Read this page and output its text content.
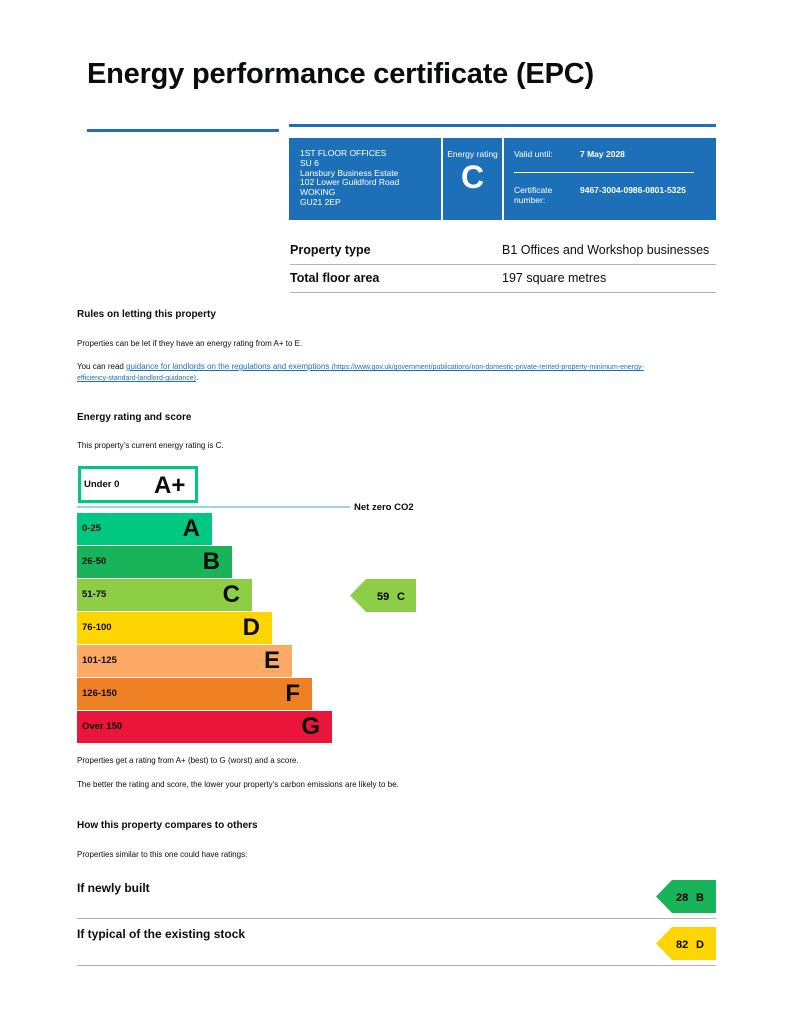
Energy performance certificate (EPC)
1ST FLOOR OFFICES
SU 6
Lansbury Business Estate
102 Lower Guildford Road
WOKING
GU21 2EP
Energy rating
C
Valid until:	7 May 2028
Certificate number:
9467-3004-0986-0801-5325
Property type	B1 Offices and Workshop businesses
Total floor area	197 square metres
Rules on letting this property
Properties can be let if they have an energy rating from A+ to E.
You can read guidance for landlords on the regulations and exemptions (https://www.gov.uk/government/publications/non-domestic-private-rented-property-minimum-energy-
efficiency-standard-landlord-guidance).
Energy rating and score
This property’s current energy rating is C.
Under 0 A+
Net zero CO2
0-25	A
26-50	B
51-75	C
76-100	D
101-125	E
126-150	F
Over 150	G
59 C
Properties get a rating from A+ (best) to G (worst) and a score.
The better the rating and score, the lower your property’s carbon emissions are likely to be.
How this property compares to others
Properties similar to this one could have ratings:
If newly built
28 B
If typical of the existing stock
82 D
